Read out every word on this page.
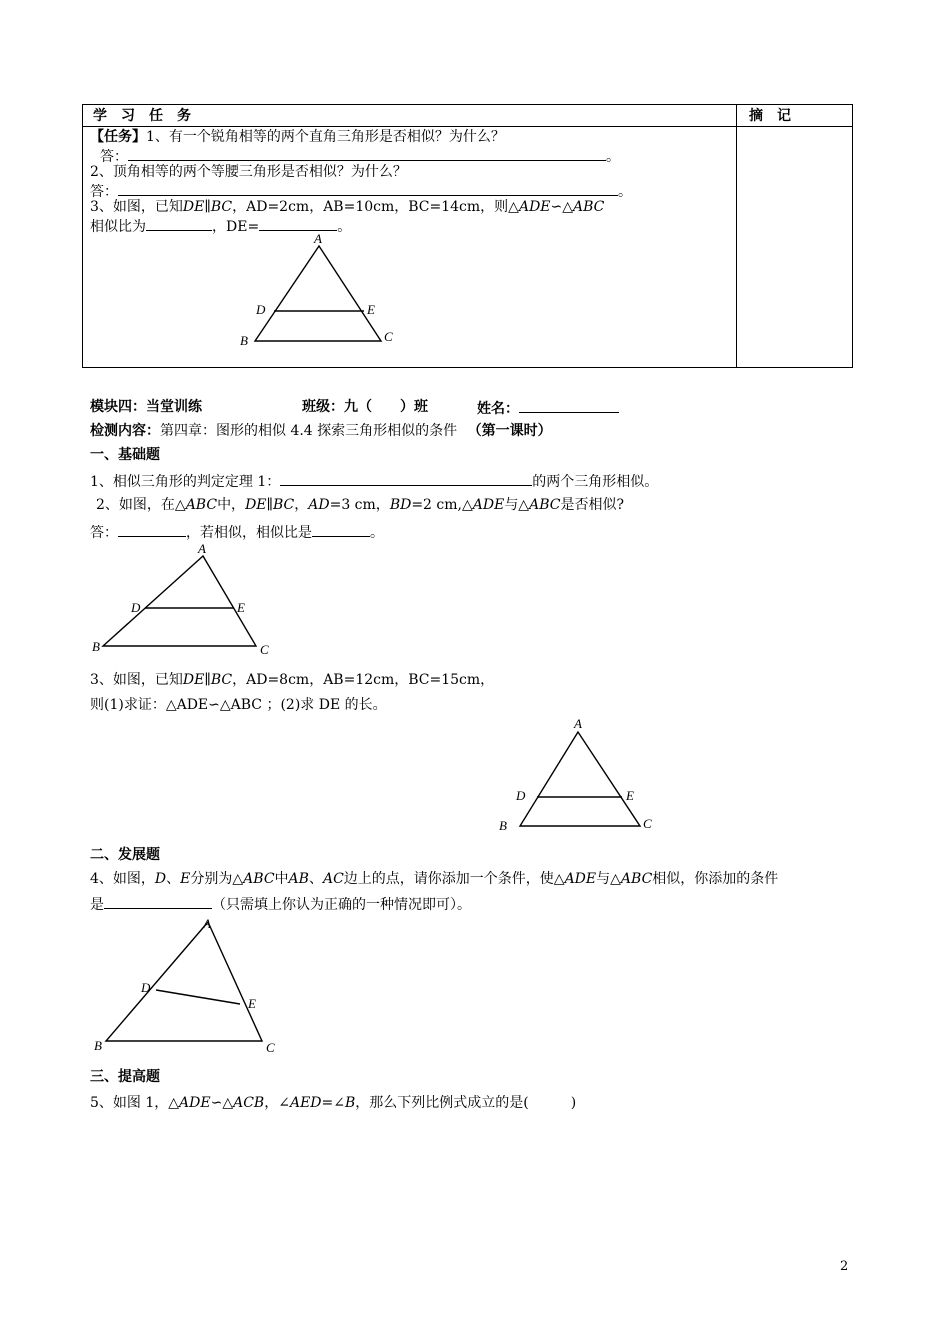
学　习　任　务	摘　记

【任务】1、有一个锐角相等的两个直角三角形是否相似？为什么？
答：	。
2、顶角相等的两个等腰三角形是否相似？为什么？
答：	。
3、如图，已知DE∥BC，AD=2cm，AB=10cm，BC=14cm，则△ADE∽△ABC
相似比为	，DE=	。
A
D	E
B	C
模块四：当堂训练	班级：九（　　）班	姓名：
检测内容：第四章：图形的相似 4.4 探索三角形相似的条件 （第一课时）
一、基础题
1、相似三角形的判定定理 1：	的两个三角形相似。
2、如图，在△ABC中，DE∥BC，AD=3 cm，BD=2 cm,△ADE与△ABC是否相似?
答：	，若相似，相似比是	。
A
D	E
B	C
3、如图，已知DE∥BC，AD=8cm，AB=12cm，BC=15cm，
则(1)求证：△ADE∽△ABC ；(2)求 DE 的长。
A
D	E
B	C
二、发展题
4、如图，D、E分别为△ABC中AB、AC边上的点，请你添加一个条件，使△ADE与△ABC相似，你添加的条件
是	（只需填上你认为正确的一种情况即可）。
A
D
E
B	C
三、提高题
5、如图 1，△ADE∽△ACB，∠AED=∠B，那么下列比例式成立的是(　　　)
2
